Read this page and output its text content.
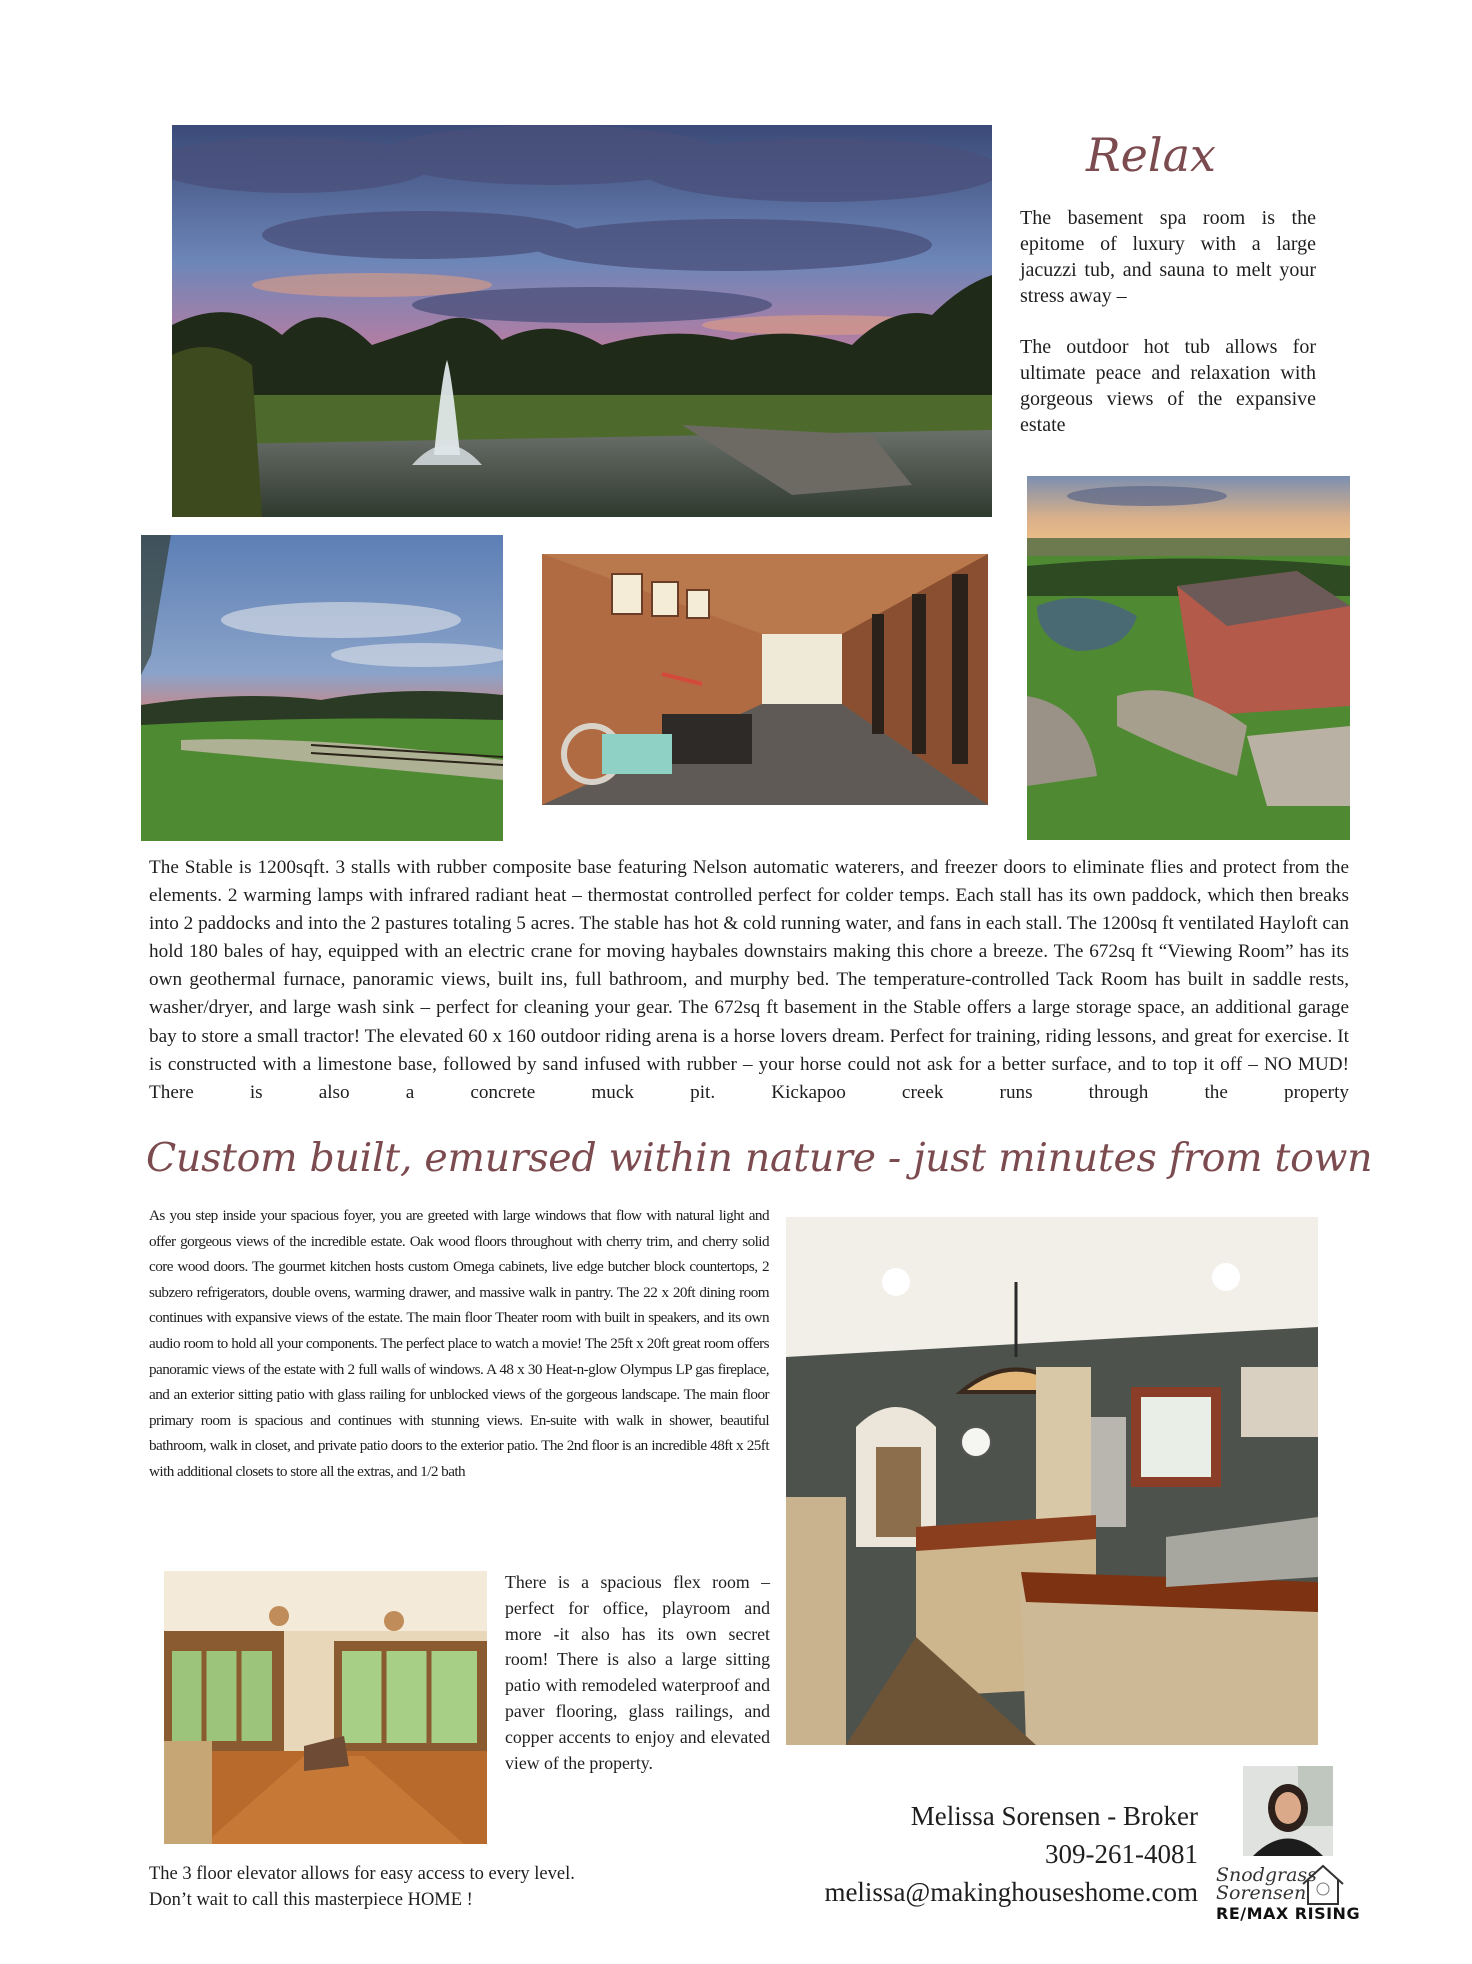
Relax
The basement spa room is the epitome of luxury with a large jacuzzi tub, and sauna to melt your stress away –
The outdoor hot tub allows for ultimate peace and relaxation with gorgeous views of the expansive estate
The Stable is 1200sqft. 3 stalls with rubber composite base featuring Nelson automatic waterers, and freezer doors to eliminate flies and protect from the elements. 2 warming lamps with infrared radiant heat – thermostat controlled perfect for colder temps. Each stall has its own paddock, which then breaks into 2 paddocks and into the 2 pastures totaling 5 acres. The stable has hot & cold running water, and fans in each stall. The 1200sq ft ventilated Hayloft can hold 180 bales of hay, equipped with an electric crane for moving haybales downstairs making this chore a breeze. The 672sq ft “Viewing Room” has its own geothermal furnace, panoramic views, built ins, full bathroom, and murphy bed. The temperature-controlled Tack Room has built in saddle rests, washer/dryer, and large wash sink – perfect for cleaning your gear. The 672sq ft basement in the Stable offers a large storage space, an additional garage bay to store a small tractor! The elevated 60 x 160 outdoor riding arena is a horse lovers dream. Perfect for training, riding lessons, and great for exercise. It is constructed with a limestone base, followed by sand infused with rubber – your horse could not ask for a better surface, and to top it off – NO MUD! There is also a concrete muck pit. Kickapoo creek runs through the property
Custom built, emursed within nature - just minutes from town
As you step inside your spacious foyer, you are greeted with large windows that flow with natural light and offer gorgeous views of the incredible estate. Oak wood floors throughout with cherry trim, and cherry solid core wood doors. The gourmet kitchen hosts custom Omega cabinets, live edge butcher block countertops, 2 subzero refrigerators, double ovens, warming drawer, and massive walk in pantry. The 22 x 20ft dining room continues with expansive views of the estate. The main floor Theater room with built in speakers, and its own audio room to hold all your components. The perfect place to watch a movie! The 25ft x 20ft great room offers panoramic views of the estate with 2 full walls of windows. A 48 x 30 Heat-n-glow Olympus LP gas fireplace, and an exterior sitting patio with glass railing for unblocked views of the gorgeous landscape. The main floor primary room is spacious and continues with stunning views. En-suite with walk in shower, beautiful bathroom, walk in closet, and private patio doors to the exterior patio. The 2nd floor is an incredible 48ft x 25ft with additional closets to store all the extras, and 1/2 bath
There is a spacious flex room – perfect for office, playroom and more -it also has its own secret room! There is also a large sitting patio with remodeled waterproof and paver flooring, glass railings, and copper accents to enjoy and elevated view of the property.
The 3 floor elevator allows for easy access to every level.
Don’t wait to call this masterpiece HOME !
Melissa Sorensen - Broker
309-261-4081
melissa@makinghouseshome.com
Snodgrass
Sorensen
RE/MAX RISING
